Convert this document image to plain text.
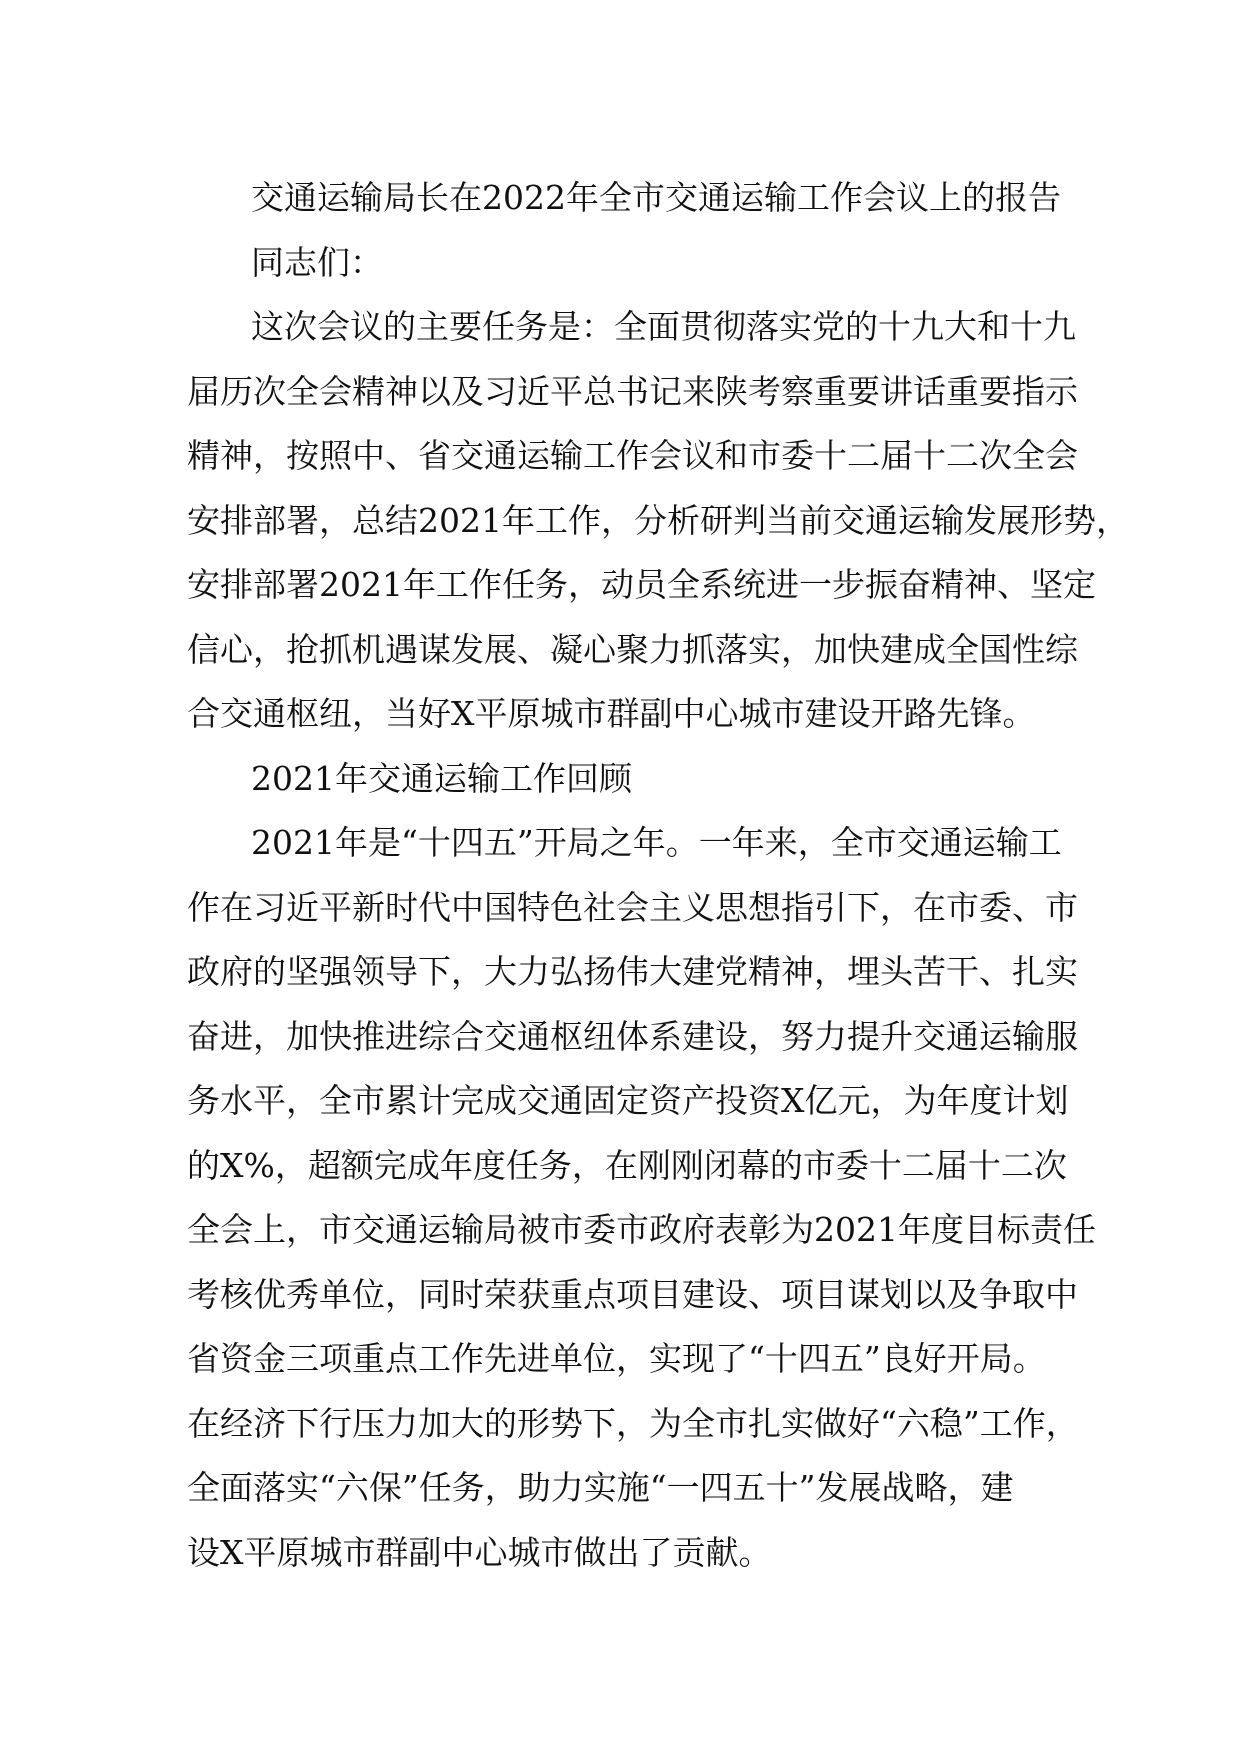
交通运输局长在2022年全市交通运输工作会议上的报告
同志们：
这次会议的主要任务是：全面贯彻落实党的十九大和十九
届历次全会精神以及习近平总书记来陕考察重要讲话重要指示
精神，按照中、省交通运输工作会议和市委十二届十二次全会
安排部署，总结2021年工作，分析研判当前交通运输发展形势，
安排部署2021年工作任务，动员全系统进一步振奋精神、坚定
信心，抢抓机遇谋发展、凝心聚力抓落实，加快建成全国性综
合交通枢纽，当好X平原城市群副中心城市建设开路先锋。
2021年交通运输工作回顾
2021年是“十四五”开局之年。一年来，全市交通运输工
作在习近平新时代中国特色社会主义思想指引下，在市委、市
政府的坚强领导下，大力弘扬伟大建党精神，埋头苦干、扎实
奋进，加快推进综合交通枢纽体系建设，努力提升交通运输服
务水平，全市累计完成交通固定资产投资X亿元，为年度计划
的X%，超额完成年度任务，在刚刚闭幕的市委十二届十二次
全会上，市交通运输局被市委市政府表彰为2021年度目标责任
考核优秀单位，同时荣获重点项目建设、项目谋划以及争取中
省资金三项重点工作先进单位，实现了“十四五”良好开局。
在经济下行压力加大的形势下，为全市扎实做好“六稳”工作，
全面落实“六保”任务，助力实施“一四五十”发展战略，建
设X平原城市群副中心城市做出了贡献。
